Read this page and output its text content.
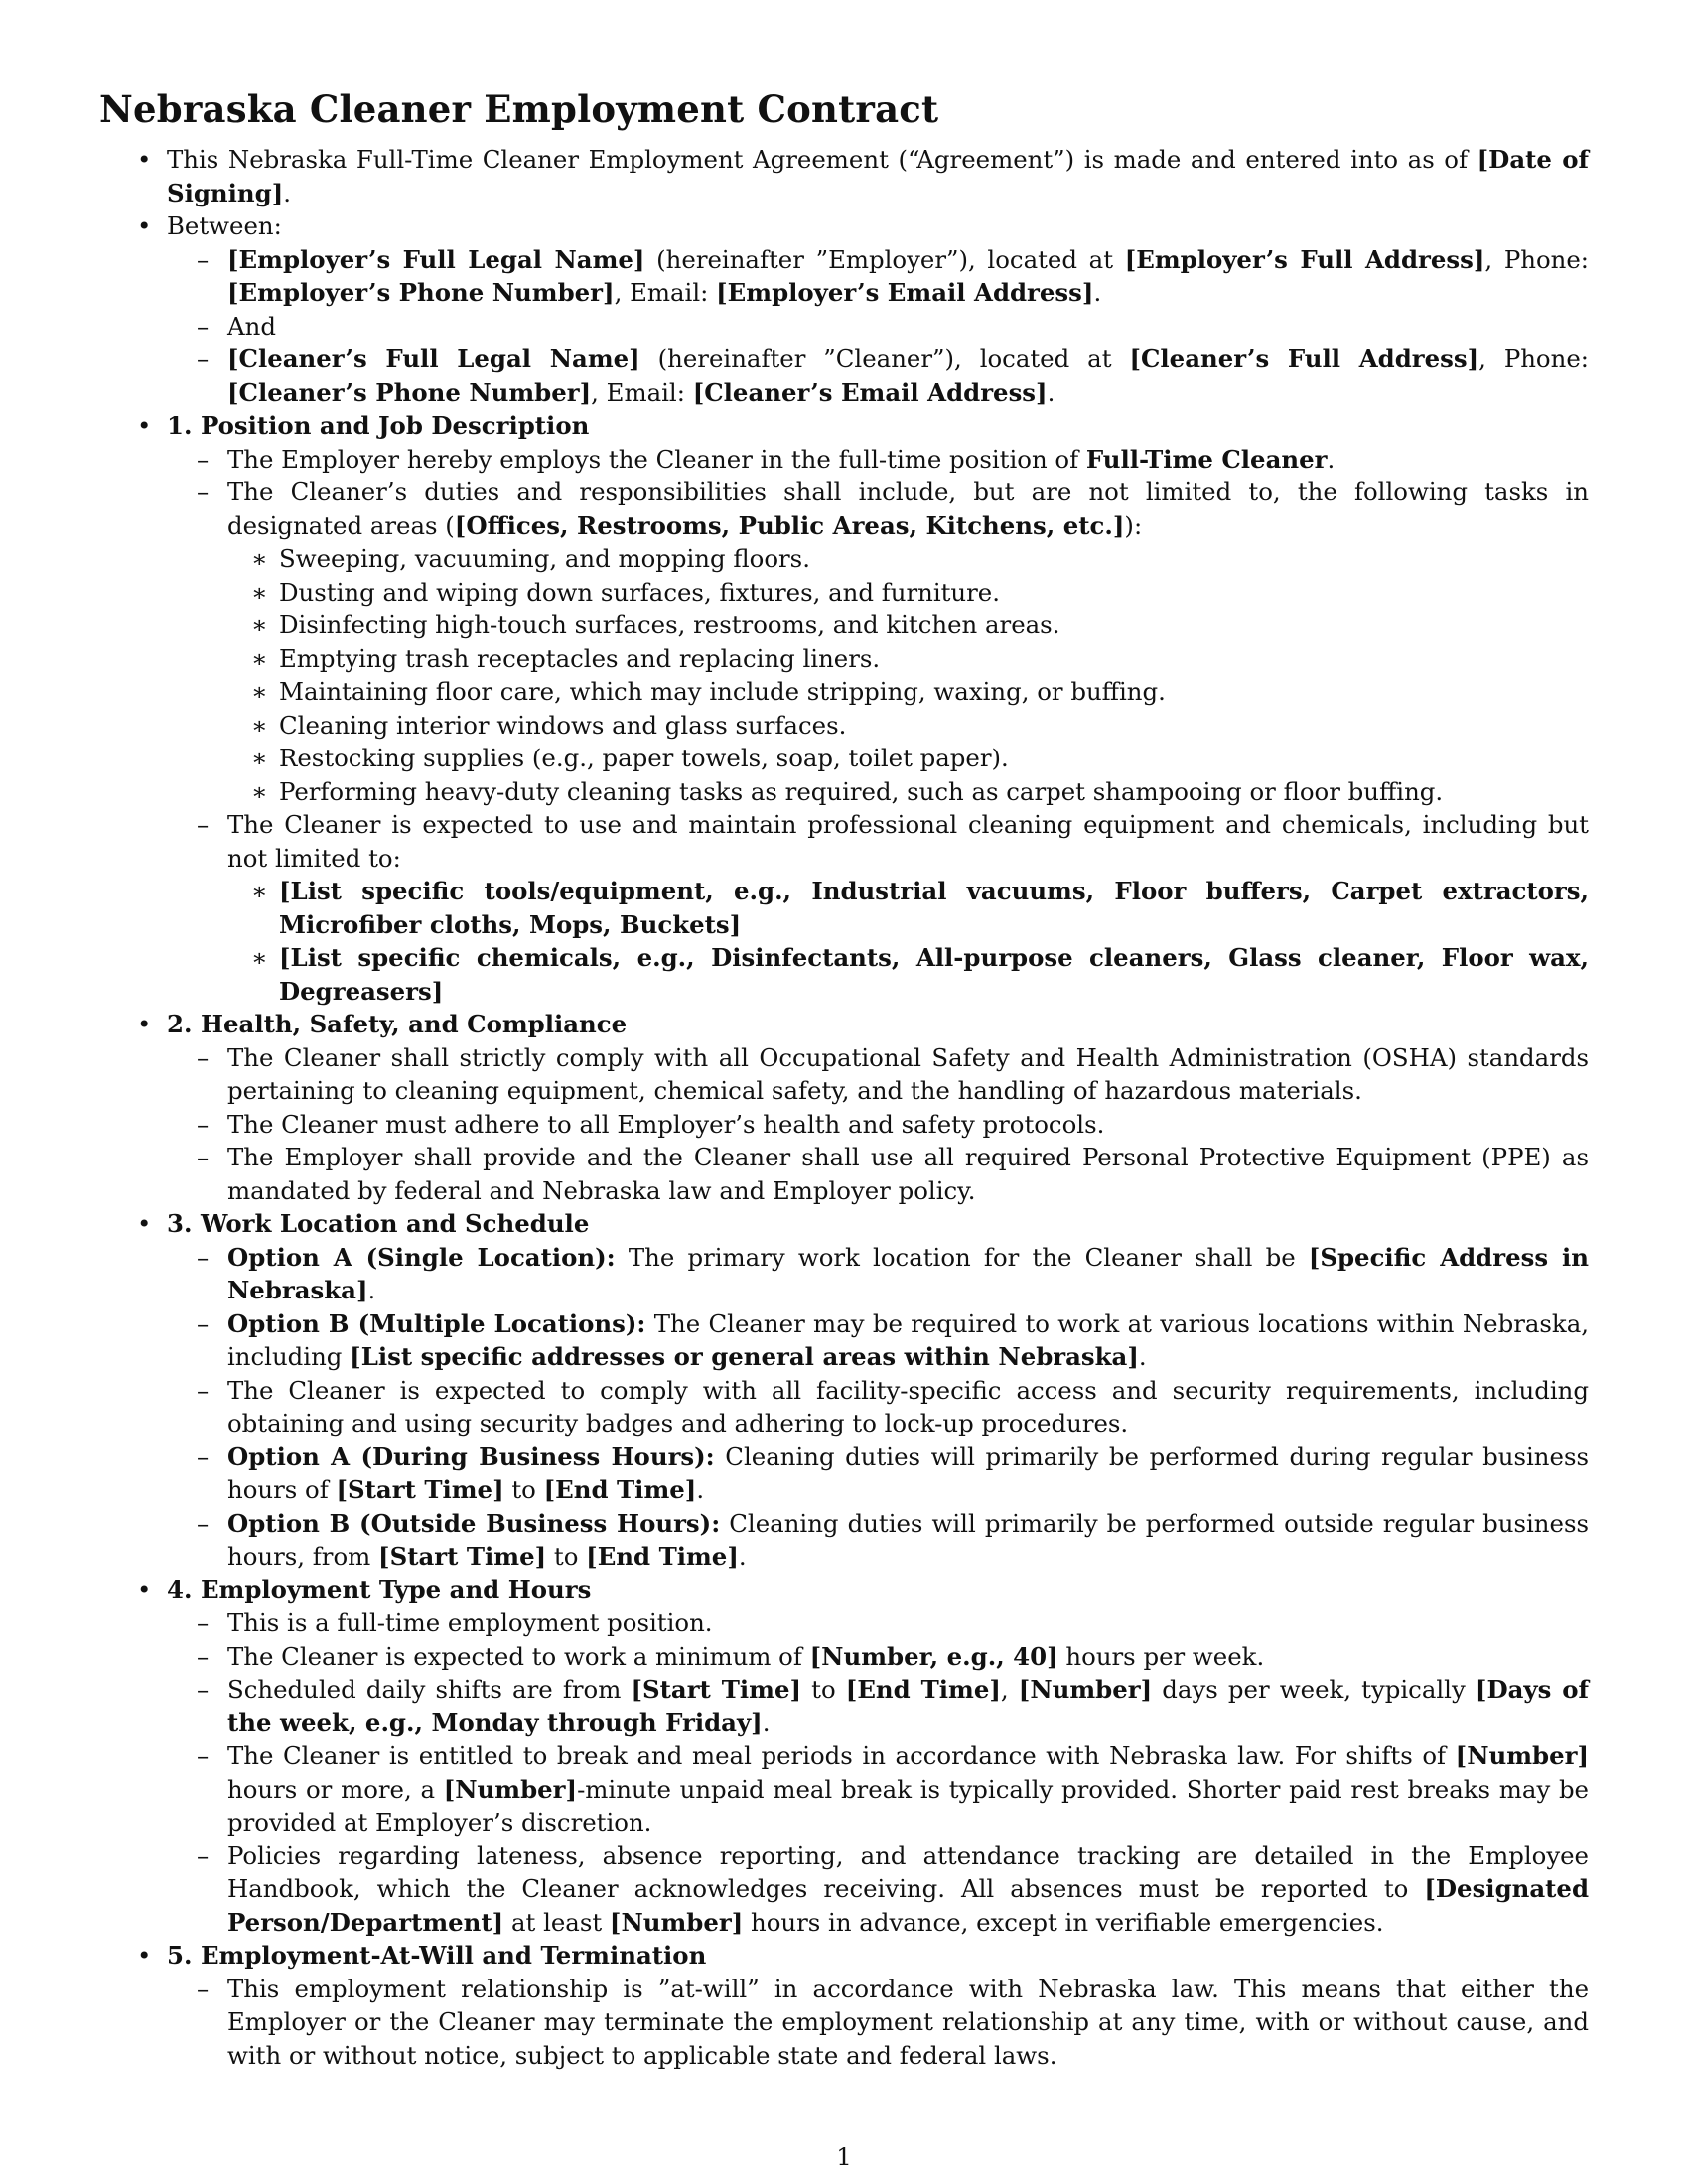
Nebraska Cleaner Employment Contract
• This Nebraska Full-Time Cleaner Employment Agreement (“Agreement”) is made and entered into as of [Date of Signing].
• Between:
– [Employer’s Full Legal Name] (hereinafter ”Employer”), located at [Employer’s Full Address], Phone: [Employer’s Phone Number], Email: [Employer’s Email Address].
– And
– [Cleaner’s Full Legal Name] (hereinafter ”Cleaner”), located at [Cleaner’s Full Address], Phone: [Cleaner’s Phone Number], Email: [Cleaner’s Email Address].
• 1. Position and Job Description
– The Employer hereby employs the Cleaner in the full-time position of Full-Time Cleaner.
– The Cleaner’s duties and responsibilities shall include, but are not limited to, the following tasks in designated areas ([Offices, Restrooms, Public Areas, Kitchens, etc.]):
∗ Sweeping, vacuuming, and mopping floors.
∗ Dusting and wiping down surfaces, fixtures, and furniture.
∗ Disinfecting high-touch surfaces, restrooms, and kitchen areas.
∗ Emptying trash receptacles and replacing liners.
∗ Maintaining floor care, which may include stripping, waxing, or buffing.
∗ Cleaning interior windows and glass surfaces.
∗ Restocking supplies (e.g., paper towels, soap, toilet paper).
∗ Performing heavy-duty cleaning tasks as required, such as carpet shampooing or floor buffing.
– The Cleaner is expected to use and maintain professional cleaning equipment and chemicals, including but not limited to:
∗ [List specific tools/equipment, e.g., Industrial vacuums, Floor buffers, Carpet extractors, Microfiber cloths, Mops, Buckets]
∗ [List specific chemicals, e.g., Disinfectants, All-purpose cleaners, Glass cleaner, Floor wax, Degreasers]
• 2. Health, Safety, and Compliance
– The Cleaner shall strictly comply with all Occupational Safety and Health Administration (OSHA) standards pertaining to cleaning equipment, chemical safety, and the handling of hazardous materials.
– The Cleaner must adhere to all Employer’s health and safety protocols.
– The Employer shall provide and the Cleaner shall use all required Personal Protective Equipment (PPE) as mandated by federal and Nebraska law and Employer policy.
• 3. Work Location and Schedule
– Option A (Single Location): The primary work location for the Cleaner shall be [Specific Address in Nebraska].
– Option B (Multiple Locations): The Cleaner may be required to work at various locations within Nebraska, including [List specific addresses or general areas within Nebraska].
– The Cleaner is expected to comply with all facility-specific access and security requirements, including obtaining and using security badges and adhering to lock-up procedures.
– Option A (During Business Hours): Cleaning duties will primarily be performed during regular business hours of [Start Time] to [End Time].
– Option B (Outside Business Hours): Cleaning duties will primarily be performed outside regular business hours, from [Start Time] to [End Time].
• 4. Employment Type and Hours
– This is a full-time employment position.
– The Cleaner is expected to work a minimum of [Number, e.g., 40] hours per week.
– Scheduled daily shifts are from [Start Time] to [End Time], [Number] days per week, typically [Days of the week, e.g., Monday through Friday].
– The Cleaner is entitled to break and meal periods in accordance with Nebraska law. For shifts of [Number] hours or more, a [Number]-minute unpaid meal break is typically provided. Shorter paid rest breaks may be provided at Employer’s discretion.
– Policies regarding lateness, absence reporting, and attendance tracking are detailed in the Employee Handbook, which the Cleaner acknowledges receiving. All absences must be reported to [Designated Person/Department] at least [Number] hours in advance, except in verifiable emergencies.
• 5. Employment-At-Will and Termination
– This employment relationship is ”at-will” in accordance with Nebraska law. This means that either the Employer or the Cleaner may terminate the employment relationship at any time, with or without cause, and with or without notice, subject to applicable state and federal laws.
1
